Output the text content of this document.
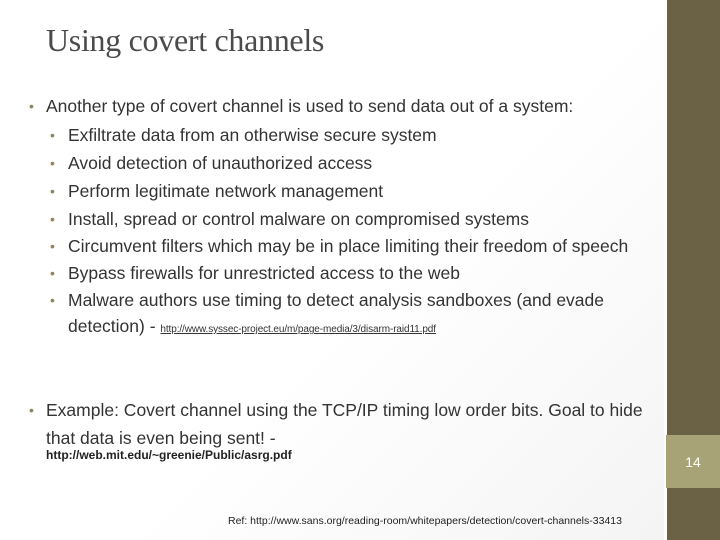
14
Using covert channels
• Another type of covert channel is used to send data out of a system:
• Exfiltrate data from an otherwise secure system
• Avoid detection of unauthorized access
• Perform legitimate network management
• Install, spread or control malware on compromised systems
• Circumvent filters which may be in place limiting their freedom of speech
• Bypass firewalls for unrestricted access to the web
• Malware authors use timing to detect analysis sandboxes (and evade detection) - http://www.syssec-project.eu/m/page-media/3/disarm-raid11.pdf
• Example: Covert channel using the TCP/IP timing low order bits. Goal to hide that data is even being sent! -
http://web.mit.edu/~greenie/Public/asrg.pdf
Ref: http://www.sans.org/reading-room/whitepapers/detection/covert-channels-33413
